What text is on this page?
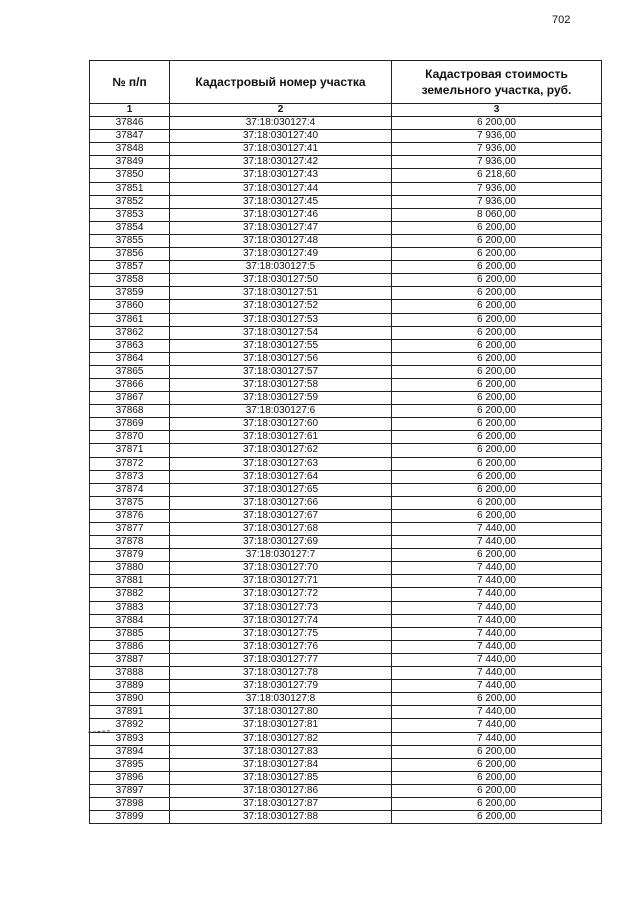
702
№ п/п	Кадастровый номер участка	Кадастровая стоимость земельного участка, руб.
1	2	3
37846	37:18:030127:4	6 200,00
37847	37:18:030127:40	7 936,00
37848	37:18:030127:41	7 936,00
37849	37:18:030127:42	7 936,00
37850	37:18:030127:43	6 218,60
37851	37:18:030127:44	7 936,00
37852	37:18:030127:45	7 936,00
37853	37:18:030127:46	8 060,00
37854	37:18:030127:47	6 200,00
37855	37:18:030127:48	6 200,00
37856	37:18:030127:49	6 200,00
37857	37:18:030127:5	6 200,00
37858	37:18:030127:50	6 200,00
37859	37:18:030127:51	6 200,00
37860	37:18:030127:52	6 200,00
37861	37:18:030127:53	6 200,00
37862	37:18:030127:54	6 200,00
37863	37:18:030127:55	6 200,00
37864	37:18:030127:56	6 200,00
37865	37:18:030127:57	6 200,00
37866	37:18:030127:58	6 200,00
37867	37:18:030127:59	6 200,00
37868	37:18:030127:6	6 200,00
37869	37:18:030127:60	6 200,00
37870	37:18:030127:61	6 200,00
37871	37:18:030127:62	6 200,00
37872	37:18:030127:63	6 200,00
37873	37:18:030127:64	6 200,00
37874	37:18:030127:65	6 200,00
37875	37:18:030127:66	6 200,00
37876	37:18:030127:67	6 200,00
37877	37:18:030127:68	7 440,00
37878	37:18:030127:69	7 440,00
37879	37:18:030127:7	6 200,00
37880	37:18:030127:70	7 440,00
37881	37:18:030127:71	7 440,00
37882	37:18:030127:72	7 440,00
37883	37:18:030127:73	7 440,00
37884	37:18:030127:74	7 440,00
37885	37:18:030127:75	7 440,00
37886	37:18:030127:76	7 440,00
37887	37:18:030127:77	7 440,00
37888	37:18:030127:78	7 440,00
37889	37:18:030127:79	7 440,00
37890	37:18:030127:8	6 200,00
37891	37:18:030127:80	7 440,00
37892	37:18:030127:81	7 440,00
37893	37:18:030127:82	7 440,00
37894	37:18:030127:83	6 200,00
37895	37:18:030127:84	6 200,00
37896	37:18:030127:85	6 200,00
37897	37:18:030127:86	6 200,00
37898	37:18:030127:87	6 200,00
37899	37:18:030127:88	6 200,00
